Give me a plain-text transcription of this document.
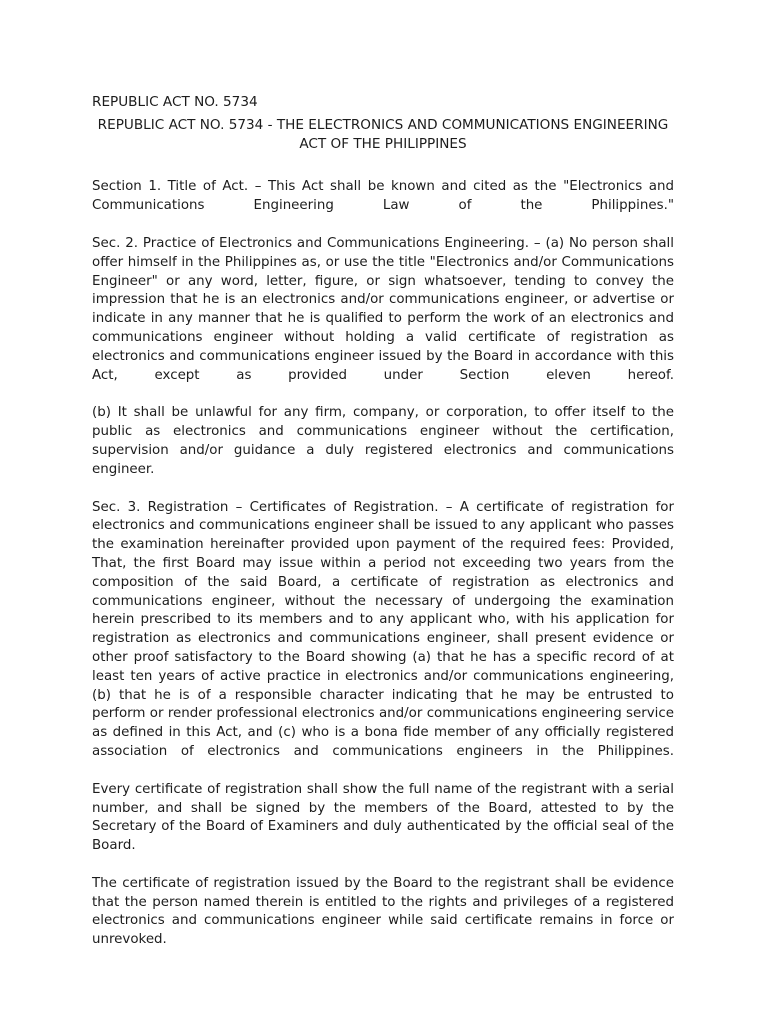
REPUBLIC ACT NO. 5734
REPUBLIC ACT NO. 5734 - THE ELECTRONICS AND COMMUNICATIONS ENGINEERING ACT OF THE PHILIPPINES

Section 1. Title of Act. – This Act shall be known and cited as the "Electronics and Communications Engineering Law of the Philippines."

Sec. 2. Practice of Electronics and Communications Engineering. – (a) No person shall offer himself in the Philippines as, or use the title "Electronics and/or Communications Engineer" or any word, letter, figure, or sign whatsoever, tending to convey the impression that he is an electronics and/or communications engineer, or advertise or indicate in any manner that he is qualified to perform the work of an electronics and communications engineer without holding a valid certificate of registration as electronics and communications engineer issued by the Board in accordance with this Act, except as provided under Section eleven hereof.

(b) It shall be unlawful for any firm, company, or corporation, to offer itself to the public as electronics and communications engineer without the certification, supervision and/or guidance a duly registered electronics and communications engineer.

Sec. 3. Registration – Certificates of Registration. – A certificate of registration for electronics and communications engineer shall be issued to any applicant who passes the examination hereinafter provided upon payment of the required fees: Provided, That, the first Board may issue within a period not exceeding two years from the composition of the said Board, a certificate of registration as electronics and communications engineer, without the necessary of undergoing the examination herein prescribed to its members and to any applicant who, with his application for registration as electronics and communications engineer, shall present evidence or other proof satisfactory to the Board showing (a) that he has a specific record of at least ten years of active practice in electronics and/or communications engineering, (b) that he is of a responsible character indicating that he may be entrusted to perform or render professional electronics and/or communications engineering service as defined in this Act, and (c) who is a bona fide member of any officially registered association of electronics and communications engineers in the Philippines.

Every certificate of registration shall show the full name of the registrant with a serial number, and shall be signed by the members of the Board, attested to by the Secretary of the Board of Examiners and duly authenticated by the official seal of the Board.

The certificate of registration issued by the Board to the registrant shall be evidence that the person named therein is entitled to the rights and privileges of a registered electronics and communications engineer while said certificate remains in force or unrevoked.
